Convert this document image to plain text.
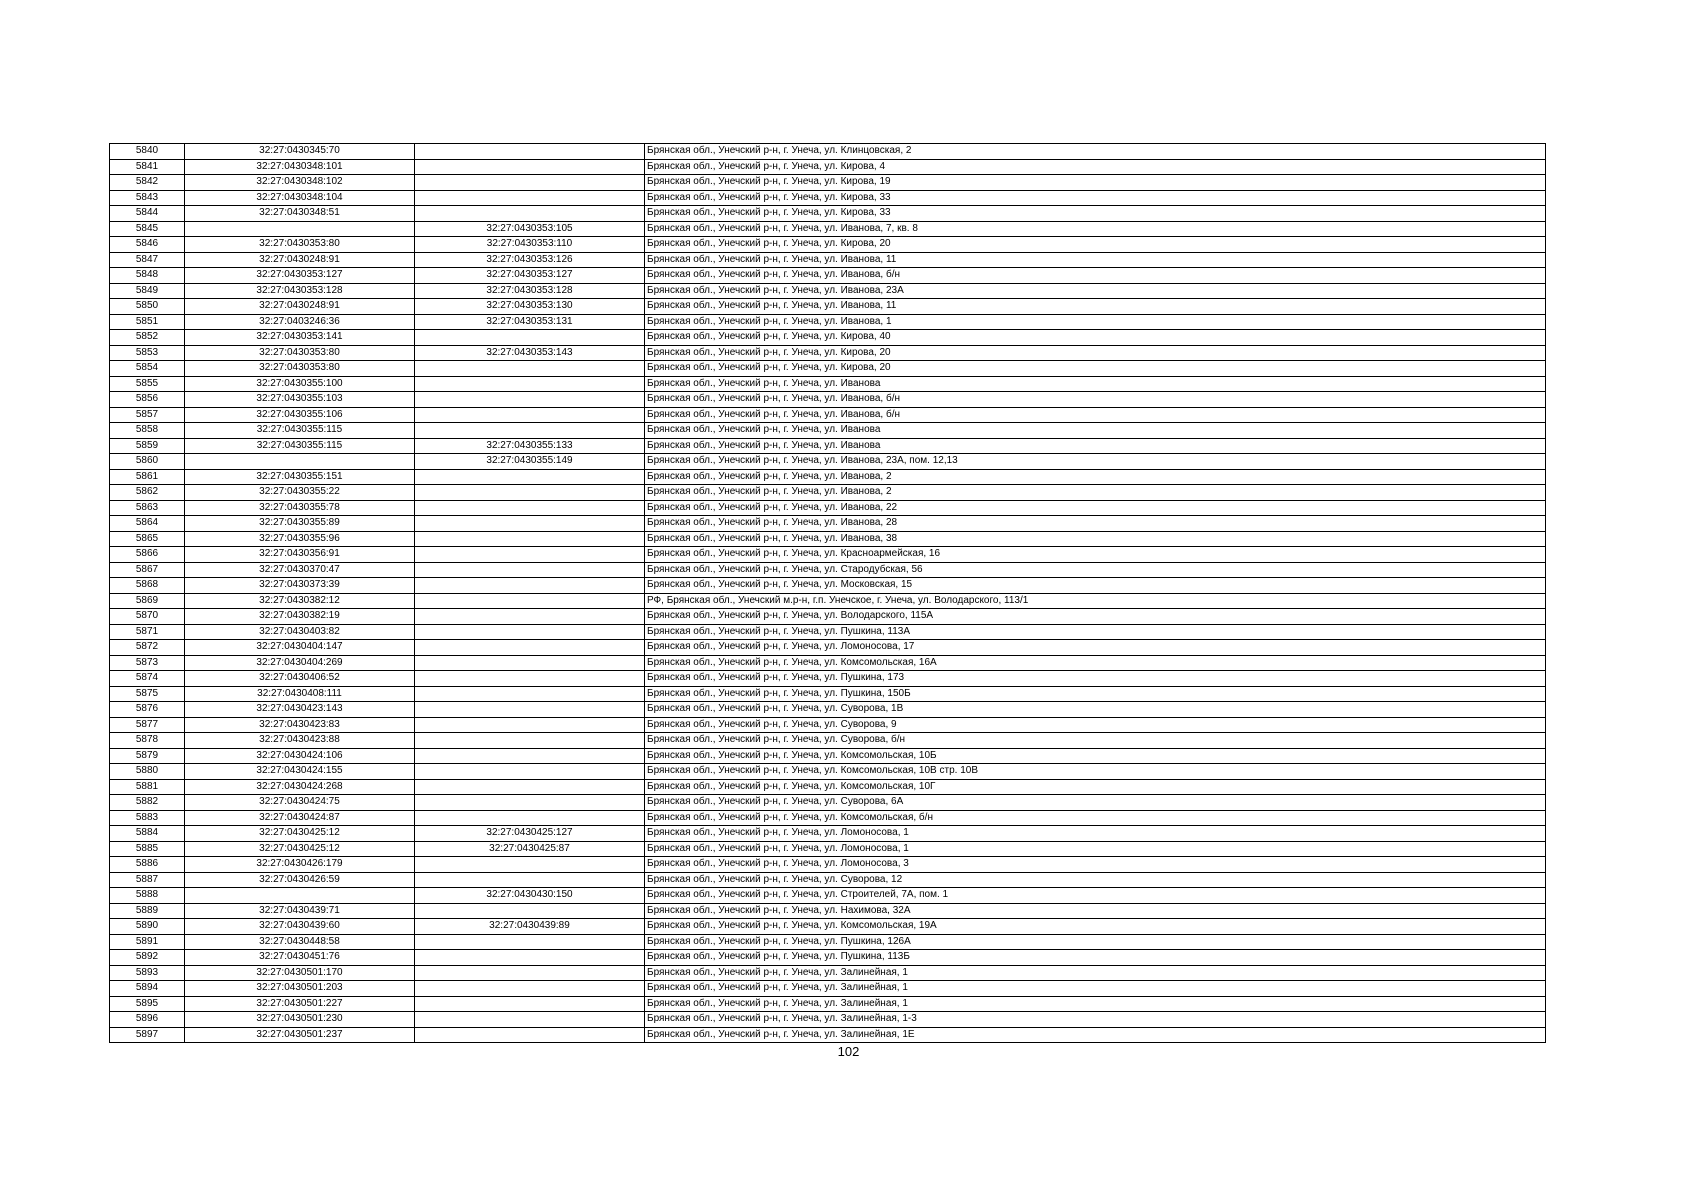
5840	32:27:0430345:70		Брянская обл., Унечский р-н, г. Унеча, ул. Клинцовская, 2
5841	32:27:0430348:101		Брянская обл., Унечский р-н, г. Унеча, ул. Кирова, 4
5842	32:27:0430348:102		Брянская обл., Унечский р-н, г. Унеча, ул. Кирова, 19
5843	32:27:0430348:104		Брянская обл., Унечский р-н, г. Унеча, ул. Кирова, 33
5844	32:27:0430348:51		Брянская обл., Унечский р-н, г. Унеча, ул. Кирова, 33
5845		32:27:0430353:105	Брянская обл., Унечский р-н, г. Унеча, ул. Иванова, 7, кв. 8
5846	32:27:0430353:80	32:27:0430353:110	Брянская обл., Унечский р-н, г. Унеча, ул. Кирова, 20
5847	32:27:0430248:91	32:27:0430353:126	Брянская обл., Унечский р-н, г. Унеча, ул. Иванова, 11
5848	32:27:0430353:127	32:27:0430353:127	Брянская обл., Унечский р-н, г. Унеча, ул. Иванова, б/н
5849	32:27:0430353:128	32:27:0430353:128	Брянская обл., Унечский р-н, г. Унеча, ул. Иванова, 23А
5850	32:27:0430248:91	32:27:0430353:130	Брянская обл., Унечский р-н, г. Унеча, ул. Иванова, 11
5851	32:27:0403246:36	32:27:0430353:131	Брянская обл., Унечский р-н, г. Унеча, ул. Иванова, 1
5852	32:27:0430353:141		Брянская обл., Унечский р-н, г. Унеча, ул. Кирова, 40
5853	32:27:0430353:80	32:27:0430353:143	Брянская обл., Унечский р-н, г. Унеча, ул. Кирова, 20
5854	32:27:0430353:80		Брянская обл., Унечский р-н, г. Унеча, ул. Кирова, 20
5855	32:27:0430355:100		Брянская обл., Унечский р-н, г. Унеча, ул. Иванова
5856	32:27:0430355:103		Брянская обл., Унечский р-н, г. Унеча, ул. Иванова, б/н
5857	32:27:0430355:106		Брянская обл., Унечский р-н, г. Унеча, ул. Иванова, б/н
5858	32:27:0430355:115		Брянская обл., Унечский р-н, г. Унеча, ул. Иванова
5859	32:27:0430355:115	32:27:0430355:133	Брянская обл., Унечский р-н, г. Унеча, ул. Иванова
5860		32:27:0430355:149	Брянская обл., Унечский р-н, г. Унеча, ул. Иванова, 23А, пом. 12,13
5861	32:27:0430355:151		Брянская обл., Унечский р-н, г. Унеча, ул. Иванова, 2
5862	32:27:0430355:22		Брянская обл., Унечский р-н, г. Унеча, ул. Иванова, 2
5863	32:27:0430355:78		Брянская обл., Унечский р-н, г. Унеча, ул. Иванова, 22
5864	32:27:0430355:89		Брянская обл., Унечский р-н, г. Унеча, ул. Иванова, 28
5865	32:27:0430355:96		Брянская обл., Унечский р-н, г. Унеча, ул. Иванова, 38
5866	32:27:0430356:91		Брянская обл., Унечский р-н, г. Унеча, ул. Красноармейская, 16
5867	32:27:0430370:47		Брянская обл., Унечский р-н, г. Унеча, ул. Стародубская, 56
5868	32:27:0430373:39		Брянская обл., Унечский р-н, г. Унеча, ул. Московская, 15
5869	32:27:0430382:12		РФ, Брянская обл., Унечский м.р-н, г.п. Унечское, г. Унеча, ул. Володарского, 113/1
5870	32:27:0430382:19		Брянская обл., Унечский р-н, г. Унеча, ул. Володарского, 115А
5871	32:27:0430403:82		Брянская обл., Унечский р-н, г. Унеча, ул. Пушкина, 113А
5872	32:27:0430404:147		Брянская обл., Унечский р-н, г. Унеча, ул. Ломоносова, 17
5873	32:27:0430404:269		Брянская обл., Унечский р-н, г. Унеча, ул. Комсомольская, 16А
5874	32:27:0430406:52		Брянская обл., Унечский р-н, г. Унеча, ул. Пушкина, 173
5875	32:27:0430408:111		Брянская обл., Унечский р-н, г. Унеча, ул. Пушкина, 150Б
5876	32:27:0430423:143		Брянская обл., Унечский р-н, г. Унеча, ул. Суворова, 1В
5877	32:27:0430423:83		Брянская обл., Унечский р-н, г. Унеча, ул. Суворова, 9
5878	32:27:0430423:88		Брянская обл., Унечский р-н, г. Унеча, ул. Суворова, б/н
5879	32:27:0430424:106		Брянская обл., Унечский р-н, г. Унеча, ул. Комсомольская, 10Б
5880	32:27:0430424:155		Брянская обл., Унечский р-н, г. Унеча, ул. Комсомольская, 10В стр. 10В
5881	32:27:0430424:268		Брянская обл., Унечский р-н, г. Унеча, ул. Комсомольская, 10Г
5882	32:27:0430424:75		Брянская обл., Унечский р-н, г. Унеча, ул. Суворова, 6А
5883	32:27:0430424:87		Брянская обл., Унечский р-н, г. Унеча, ул. Комсомольская, б/н
5884	32:27:0430425:12	32:27:0430425:127	Брянская обл., Унечский р-н, г. Унеча, ул. Ломоносова, 1
5885	32:27:0430425:12	32:27:0430425:87	Брянская обл., Унечский р-н, г. Унеча, ул. Ломоносова, 1
5886	32:27:0430426:179		Брянская обл., Унечский р-н, г. Унеча, ул. Ломоносова, 3
5887	32:27:0430426:59		Брянская обл., Унечский р-н, г. Унеча, ул. Суворова, 12
5888		32:27:0430430:150	Брянская обл., Унечский р-н, г. Унеча, ул. Строителей, 7А, пом. 1
5889	32:27:0430439:71		Брянская обл., Унечский р-н, г. Унеча, ул. Нахимова, 32А
5890	32:27:0430439:60	32:27:0430439:89	Брянская обл., Унечский р-н, г. Унеча, ул. Комсомольская, 19А
5891	32:27:0430448:58		Брянская обл., Унечский р-н, г. Унеча, ул. Пушкина, 126А
5892	32:27:0430451:76		Брянская обл., Унечский р-н, г. Унеча, ул. Пушкина, 113Б
5893	32:27:0430501:170		Брянская обл., Унечский р-н, г. Унеча, ул. Залинейная, 1
5894	32:27:0430501:203		Брянская обл., Унечский р-н, г. Унеча, ул. Залинейная, 1
5895	32:27:0430501:227		Брянская обл., Унечский р-н, г. Унеча, ул. Залинейная, 1
5896	32:27:0430501:230		Брянская обл., Унечский р-н, г. Унеча, ул. Залинейная, 1-3
5897	32:27:0430501:237		Брянская обл., Унечский р-н, г. Унеча, ул. Залинейная, 1Е
102
